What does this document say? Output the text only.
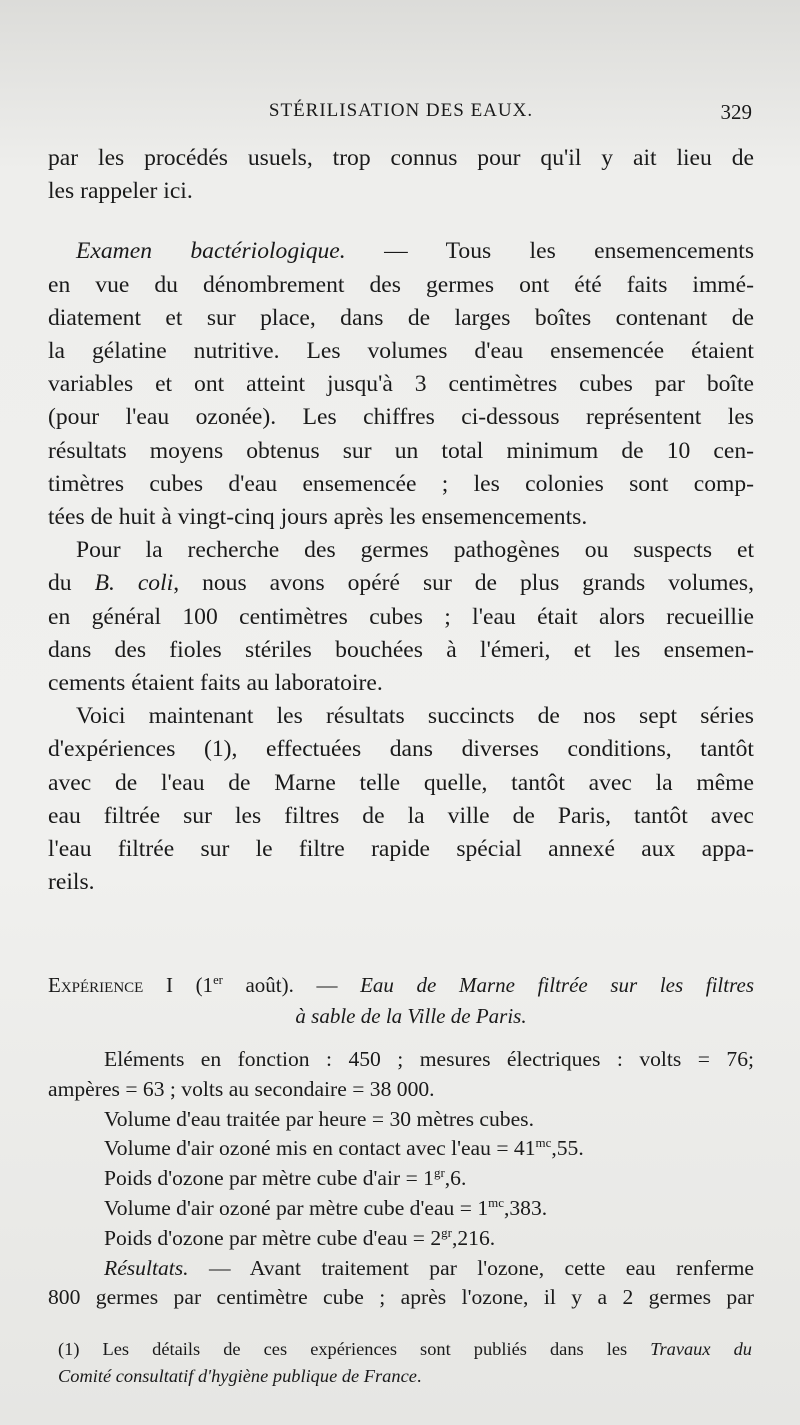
STÉRILISATION DES EAUX.	329

par les procédés usuels, trop connus pour qu'il y ait lieu de
les rappeler ici.

Examen bactériologique. — Tous les ensemencements
en vue du dénombrement des germes ont été faits immé-
diatement et sur place, dans de larges boîtes contenant de
la gélatine nutritive. Les volumes d'eau ensemencée étaient
variables et ont atteint jusqu'à 3 centimètres cubes par boîte
(pour l'eau ozonée). Les chiffres ci-dessous représentent les
résultats moyens obtenus sur un total minimum de 10 cen-
timètres cubes d'eau ensemencée ; les colonies sont comp-
tées de huit à vingt-cinq jours après les ensemencements.

Pour la recherche des germes pathogènes ou suspects et
du B. coli, nous avons opéré sur de plus grands volumes,
en général 100 centimètres cubes ; l'eau était alors recueillie
dans des fioles stériles bouchées à l'émeri, et les ensemen-
cements étaient faits au laboratoire.

Voici maintenant les résultats succincts de nos sept séries
d'expériences (1), effectuées dans diverses conditions, tantôt
avec de l'eau de Marne telle quelle, tantôt avec la même
eau filtrée sur les filtres de la ville de Paris, tantôt avec
l'eau filtrée sur le filtre rapide spécial annexé aux appa-
reils.

Expérience I (1er août). — Eau de Marne filtrée sur les filtres
à sable de la Ville de Paris.
Eléments en fonction : 450 ; mesures électriques : volts = 76;
ampères = 63 ; volts au secondaire = 38 000.
Volume d'eau traitée par heure = 30 mètres cubes.
Volume d'air ozoné mis en contact avec $l'eau = 41^{mc},55$.
Poids d'ozone par mètre cube $d'air = 1^{gr},6$.
Volume d'air ozoné par mètre cube $d'eau = 1^{mc},383$.
Poids d'ozone par mètre cube $d'eau = 2^{gr},216$.
Résultats. — Avant traitement par l'ozone, cette eau renferme
800 germes par centimètre cube ; après l'ozone, il y a 2 germes par
(1) Les détails de ces expériences sont publiés dans les Travaux du
Comité consultatif d'hygiène publique de France.
